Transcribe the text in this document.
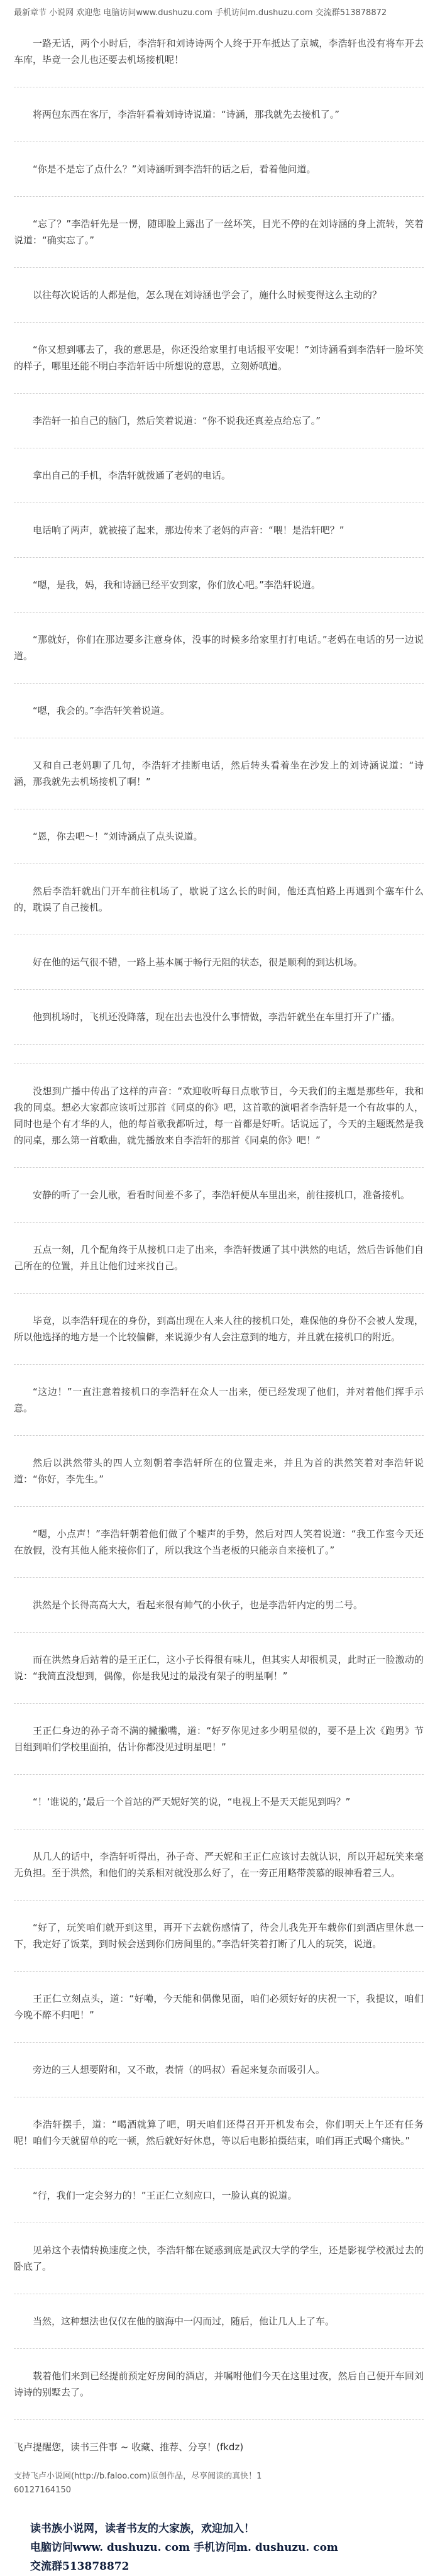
最新章节 小说网 欢迎您 电脑访问www.dushuzu.com 手机访问m.dushuzu.com 交流群513878872

一路无话，两个小时后，李浩轩和刘诗诗两个人终于开车抵达了京城，李浩轩也没有将车开去车库，毕竟一会儿也还要去机场接机呢！

将两包东西在客厅，李浩轩看着刘诗诗说道：“诗涵，那我就先去接机了。”

“你是不是忘了点什么？”刘诗涵听到李浩轩的话之后，看着他问道。

“忘了？”李浩轩先是一愣，随即脸上露出了一丝坏笑，目光不停的在刘诗涵的身上流转，笑着说道：“确实忘了。”

以往每次说话的人都是他，怎么现在刘诗涵也学会了，施什么时候变得这么主动的？

“你又想到哪去了，我的意思是，你还没给家里打电话报平安呢！”刘诗涵看到李浩轩一脸坏笑的样子，哪里还能不明白李浩轩话中所想说的意思，立刻娇嗔道。

李浩轩一拍自己的脑门，然后笑着说道：“你不说我还真差点给忘了。”

拿出自己的手机，李浩轩就拨通了老妈的电话。

电话响了两声，就被接了起来，那边传来了老妈的声音：“喂！是浩轩吧？”

“嗯，是我，妈，我和诗涵已经平安到家，你们放心吧。”李浩轩说道。

“那就好，你们在那边要多注意身体，没事的时候多给家里打打电话。”老妈在电话的另一边说道。

“嗯，我会的。”李浩轩笑着说道。

又和自己老妈聊了几句，李浩轩才挂断电话，然后转头看着坐在沙发上的刘诗涵说道：“诗涵，那我就先去机场接机了啊！”

“恩，你去吧～！”刘诗涵点了点头说道。

然后李浩轩就出门开车前往机场了，歇说了这么长的时间，他还真怕路上再遇到个塞车什么的，耽误了自己接机。

好在他的运气很不错，一路上基本属于畅行无阻的状态，很是顺利的到达机场。

他到机场时，飞机还没降落，现在出去也没什么事情做，李浩轩就坐在车里打开了广播。

没想到广播中传出了这样的声音：“欢迎收听每日点歌节目，今天我们的主题是那些年，我和我的同桌。想必大家都应该听过那首《同桌的你》吧，这首歌的演唱者李浩轩是一个有故事的人，同时也是个有才华的人，他的每首歌我都听过，每一首都是好听。话说远了，今天的主题既然是我的同桌，那么第一首歌曲，就先播放来自李浩轩的那首《同桌的你》吧！”

安静的听了一会儿歌，看看时间差不多了，李浩轩便从车里出来，前往接机口，准备接机。

五点一刻，几个配角终于从接机口走了出来，李浩轩拨通了其中洪然的电话，然后告诉他们自己所在的位置，并且让他们过来找自己。

毕竟，以李浩轩现在的身份，到高出现在人来人往的接机口处，难保他的身份不会被人发现，所以他选择的地方是一个比较偏僻，来说源少有人会注意到的地方，并且就在接机口的附近。

“这边！”一直注意着接机口的李浩轩在众人一出来，便已经发现了他们，并对着他们挥手示意。

然后以洪然带头的四人立刻朝着李浩轩所在的位置走来，并且为首的洪然笑着对李浩轩说道：“你好，李先生。”

“嗯，小点声！”李浩轩朝着他们做了个嘘声的手势，然后对四人笑着说道：“我工作室今天还在放假，没有其他人能来接你们了，所以我这个当老板的只能亲自来接机了。”

洪然是个长得高高大大，看起来很有帅气的小伙子，也是李浩轩内定的男二号。

而在洪然身后站着的是王正仁，这小子长得很有味儿，但其实人却很机灵，此时正一脸激动的说：“我简直没想到，偶像，你是我见过的最没有架子的明星啊！”

王正仁身边的孙子奇不满的撇撇嘴，道：“好歹你见过多少明星似的，要不是上次《跑男》节目组到咱们学校里面拍，估计你都没见过明星吧！”

“！‘谁说的，’最后一个首站的严天妮好笑的说，“电视上不是天天能见到吗？”

从几人的话中，李浩轩听得出，孙子奇、严天妮和王正仁应该讨去就认识，所以开起玩笑来毫无负担。至于洪然，和他们的关系相对就没那么好了，在一旁正用略带羡慕的眼神看着三人。

“好了，玩笑咱们就开到这里，再开下去就伤感情了，待会儿我先开车载你们到酒店里休息一下，我定好了饭菜，到时候会送到你们房间里的。”李浩轩笑着打断了几人的玩笑，说道。

王正仁立刻点头，道：“好嘞，今天能和偶像见面，咱们必须好好的庆祝一下，我提议，咱们今晚不醉不归吧！”

旁边的三人想要附和，又不敢，表情（的吗叔）看起来复杂而吸引人。

李浩轩摆手，道：“喝酒就算了吧，明天咱们还得召开开机发布会，你们明天上午还有任务呢！咱们今天就留单的吃一顿，然后就好好休息，等以后电影拍摄结束，咱们再正式喝个痛快。”

“行，我们一定会努力的！”王正仁立刻应口，一脸认真的说道。

见弟这个表情转换速度之快，李浩轩都在疑惑到底是武汉大学的学生，还是影视学校派过去的卧底了。

当然，这种想法也仅仅在他的脑海中一闪而过，随后，他让几人上了车。

载着他们来到已经提前预定好房间的酒店，并嘱咐他们今天在这里过夜，然后自己便开车回刘诗诗的别墅去了。

飞卢提醒您，读书三件事 ~ 收藏、推荐、分享！(fkdz)
支持飞卢小说网(http://b.faloo.com)原创作品，尽享阅读的真快！1
60127164150
读书族小说网，读者书友的大家族，欢迎加入！
电脑访问www. dushuzu. com 手机访问m. dushuzu. com
交流群513878872
